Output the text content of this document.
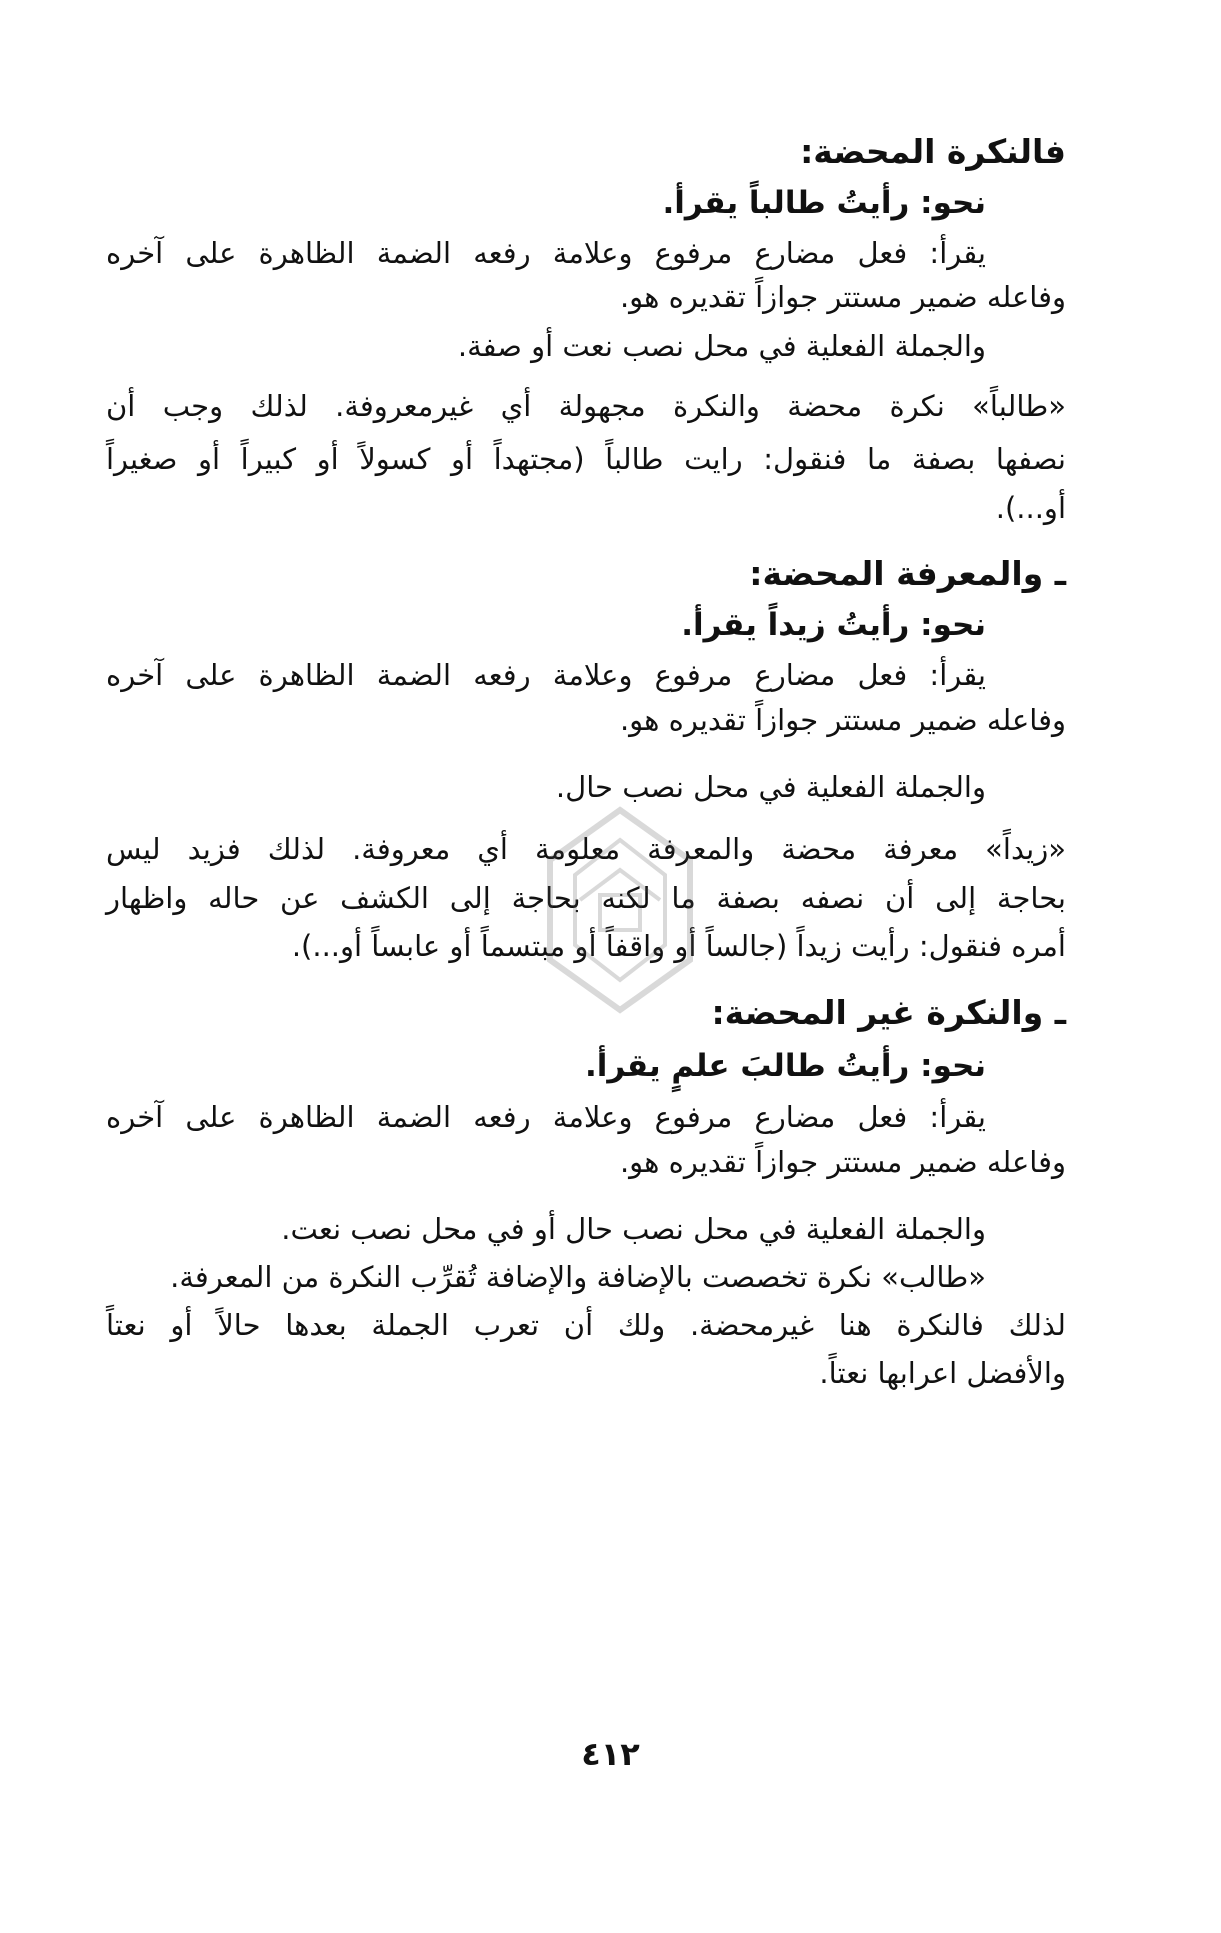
فالنكرة المحضة:
نحو: رأيتُ طالباً يقرأ.
يقرأ: فعل مضارع مرفوع وعلامة رفعه الضمة الظاهرة على آخره
وفاعله ضمير مستتر جوازاً تقديره هو.
والجملة الفعلية في محل نصب نعت أو صفة.
«طالباً» نكرة محضة والنكرة مجهولة أي غيرمعروفة. لذلك وجب أن
نصفها بصفة ما فنقول: رايت طالباً (مجتهداً أو كسولاً أو كبيراً أو صغيراً
أو...).
ـ والمعرفة المحضة:
نحو: رأيتُ زيداً يقرأ.
يقرأ: فعل مضارع مرفوع وعلامة رفعه الضمة الظاهرة على آخره
وفاعله ضمير مستتر جوازاً تقديره هو.
والجملة الفعلية في محل نصب حال.
«زيداً» معرفة محضة والمعرفة معلومة أي معروفة. لذلك فزيد ليس
بحاجة إلى أن نصفه بصفة ما لكنه بحاجة إلى الكشف عن حاله واظهار
أمره فنقول: رأيت زيداً (جالساً أو واقفاً أو مبتسماً أو عابساً أو...).
ـ والنكرة غير المحضة:
نحو: رأيتُ طالبَ علمٍ يقرأ.
يقرأ: فعل مضارع مرفوع وعلامة رفعه الضمة الظاهرة على آخره
وفاعله ضمير مستتر جوازاً تقديره هو.
والجملة الفعلية في محل نصب حال أو في محل نصب نعت.
«طالب» نكرة تخصصت بالإضافة والإضافة تُقرِّب النكرة من المعرفة.
لذلك فالنكرة هنا غيرمحضة. ولك أن تعرب الجملة بعدها حالاً أو نعتاً
والأفضل اعرابها نعتاً.
٤١٢
